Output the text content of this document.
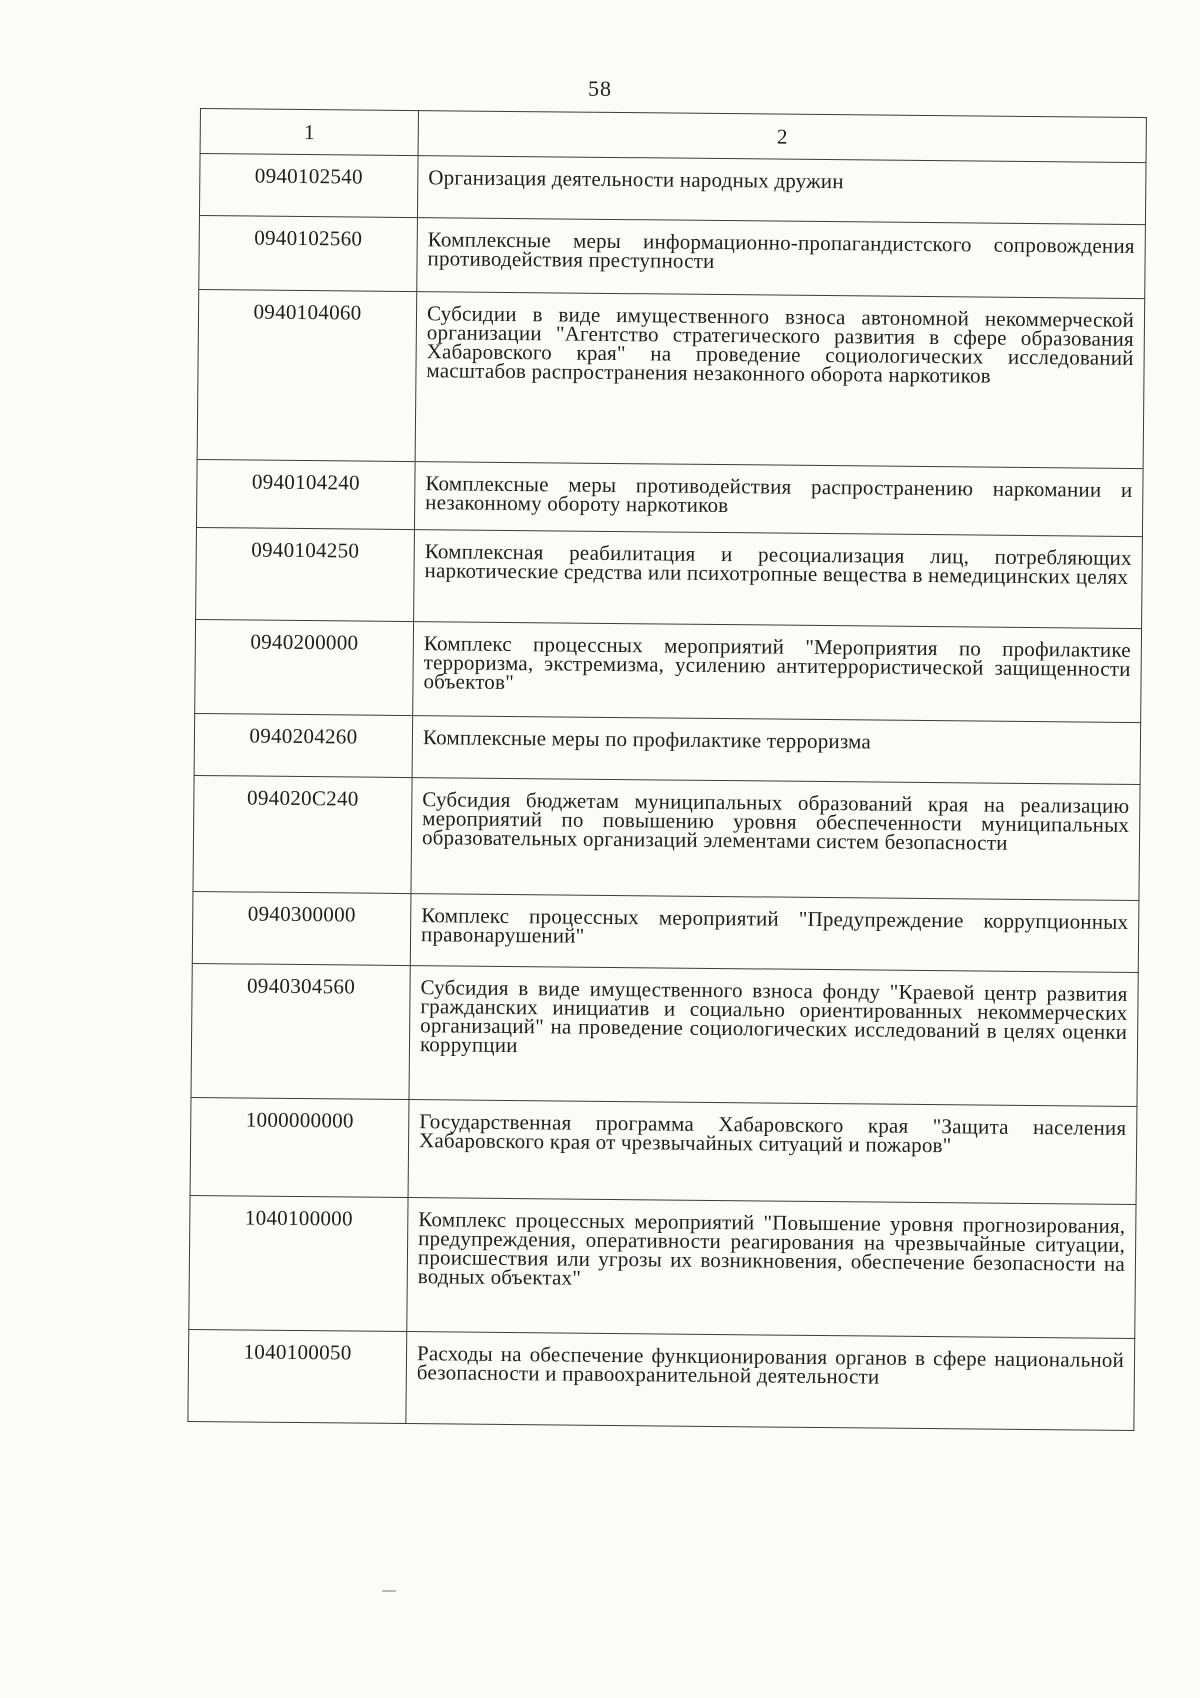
58
1	2
0940102540	Организация деятельности народных дружин
0940102560	Комплексные меры информационно-пропагандистского сопровождения противодействия преступности
0940104060	Субсидии в виде имущественного взноса автономной некоммерческой организации "Агентство стратегического развития в сфере образования Хабаровского края" на проведение социологических исследований масштабов распространения незаконного оборота наркотиков
0940104240	Комплексные меры противодействия распространению наркомании и незаконному обороту наркотиков
0940104250	Комплексная реабилитация и ресоциализация лиц, потребляющих наркотические средства или психотропные вещества в немедицинских целях
0940200000	Комплекс процессных мероприятий "Мероприятия по профилактике терроризма, экстремизма, усилению антитеррористической защищенности объектов"
0940204260	Комплексные меры по профилактике терроризма
094020C240	Субсидия бюджетам муниципальных образований края на реализацию мероприятий по повышению уровня обеспеченности муниципальных образовательных организаций элементами систем безопасности
0940300000	Комплекс процессных мероприятий "Предупреждение коррупционных правонарушений"
0940304560	Субсидия в виде имущественного взноса фонду "Краевой центр развития гражданских инициатив и социально ориентированных некоммерческих организаций" на проведение социологических исследований в целях оценки коррупции
1000000000	Государственная программа Хабаровского края "Защита населения Хабаровского края от чрезвычайных ситуаций и пожаров"
1040100000	Комплекс процессных мероприятий "Повышение уровня прогнозирования, предупреждения, оперативности реагирования на чрезвычайные ситуации, происшествия или угрозы их возникновения, обеспечение безопасности на водных объектах"
1040100050	Расходы на обеспечение функционирования органов в сфере национальной безопасности и правоохранительной деятельности
